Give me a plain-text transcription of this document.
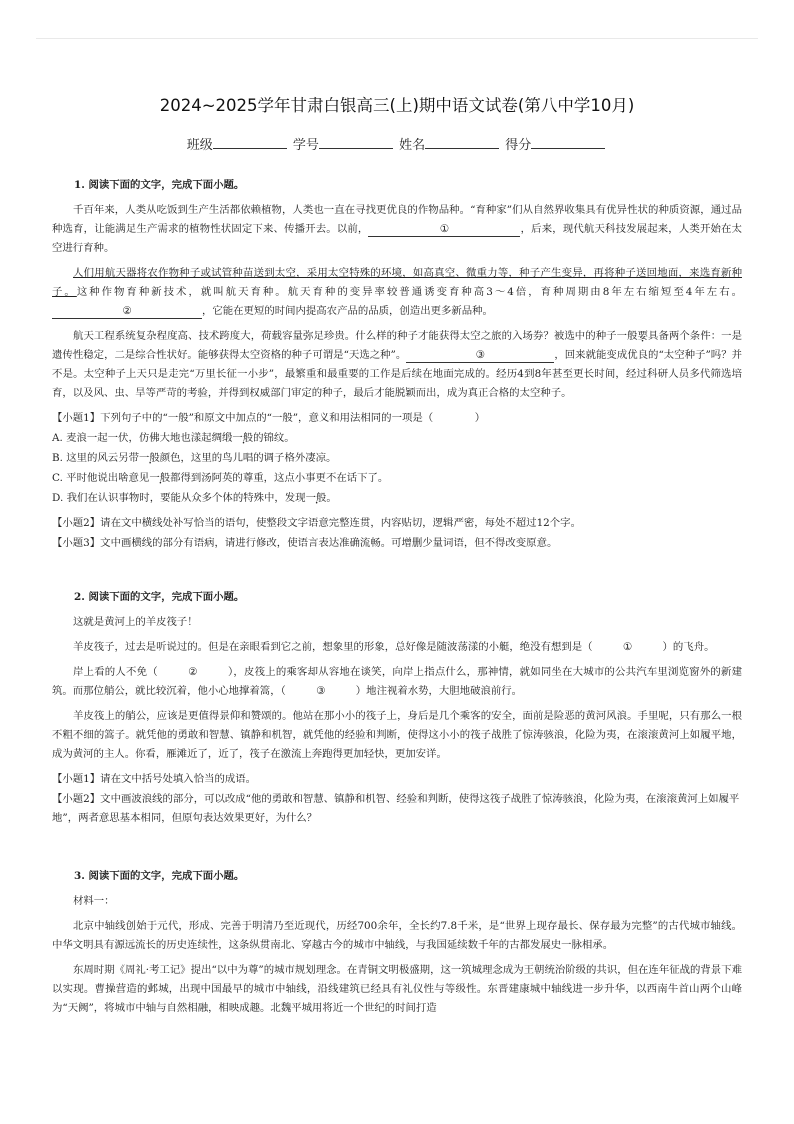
2024~2025学年甘肃白银高三(上)期中语文试卷(第八中学10月)
班级	学号	姓名	得分
1. 阅读下面的文字，完成下面小题。

千百年来，人类从吃饭到生产生活都依赖植物，人类也一直在寻找更优良的作物品种。“育种家”们从自然界收集具有优异性状的种质资源，通过品种选育，让能满足生产需求的植物性状固定下来、传播开去。以前，	①	，后来，现代航天科技发展起来，人类开始在太空进行育种。

人们用航天器将农作物种子或试管种苗送到太空，采用太空特殊的环境，如高真空、微重力等，种子产生变异，再将种子送回地面，来选育新种子。这种作物育种新技术，就叫航天育种。航天育种的变异率较普通诱变育种高3～4倍，育种周期由8年左右缩短至4年左右。②	，它能在更短的时间内提高农产品的品质，创造出更多新品种。

航天工程系统复杂程度高、技术跨度大，荷载容量弥足珍贵。什么样的种子才能获得太空之旅的入场券？被选中的种子一般要具备两个条件：一是遗传性稳定，二是综合性状好。能够获得太空资格的种子可谓是“天选之种”。	③	，回来就能变成优良的“太空种子”吗？并不是。太空种子上天只是走完“万里长征一小步”，最繁重和最重要的工作是后续在地面完成的。经历4到8年甚至更长时间，经过科研人员多代筛选培育，以及风、虫、旱等严苛的考验，并得到权威部门审定的种子，最后才能脱颖而出，成为真正合格的太空种子。

【小题1】下列句子中的“一般”和原文中加点的“一般”，意义和用法相同的一项是（　　　　）
A. 麦浪一起一伏，仿佛大地也漾起绸缎一般的锦纹。
B. 这里的风云另带一般颜色，这里的鸟儿唱的调子格外凄凉。
C. 平时他说出啥意见一般都得到汤阿英的尊重，这点小事更不在话下了。
D. 我们在认识事物时，要能从众多个体的特殊中，发现一般。
【小题2】请在文中横线处补写恰当的语句，使整段文字语意完整连贯，内容贴切，逻辑严密，每处不超过12个字。
【小题3】文中画横线的部分有语病，请进行修改，使语言表达准确流畅。可增删少量词语，但不得改变原意。
2. 阅读下面的文字，完成下面小题。

这就是黄河上的羊皮筏子！

羊皮筏子，过去是听说过的。但是在亲眼看到它之前，想象里的形象，总好像是随波荡漾的小艇，绝没有想到是（	①	）的飞舟。

岸上看的人不免（	②	），皮筏上的乘客却从容地在谈笑，向岸上指点什么，那神情，就如同坐在大城市的公共汽车里浏览窗外的新建筑。而那位艄公，就比较沉着，他小心地撑着篙，（	③	）地注视着水势，大胆地破浪前行。

羊皮筏上的艄公，应该是更值得景仰和赞颂的。他站在那小小的筏子上，身后是几个乘客的安全，面前是险恶的黄河风浪。手里呢，只有那么一根不粗不细的篙子。就凭他的勇敢和智慧、镇静和机智，就凭他的经验和判断，使得这小小的筏子战胜了惊涛骇浪，化险为夷，在滚滚黄河上如履平地，成为黄河的主人。你看，雁滩近了，近了，筏子在激流上奔跑得更加轻快，更加安详。

【小题1】请在文中括号处填入恰当的成语。
【小题2】文中画波浪线的部分，可以改成“他的勇敢和智慧、镇静和机智、经验和判断，使得这筏子战胜了惊涛骇浪，化险为夷，在滚滚黄河上如履平地”，两者意思基本相同，但原句表达效果更好，为什么？
3. 阅读下面的文字，完成下面小题。

材料一：

北京中轴线创始于元代，形成、完善于明清乃至近现代，历经700余年，全长约7.8千米，是“世界上现存最长、保存最为完整”的古代城市轴线。中华文明具有源远流长的历史连续性，这条纵贯南北、穿越古今的城市中轴线，与我国延续数千年的古都发展史一脉相承。

东周时期《周礼·考工记》提出“以中为尊”的城市规划理念。在青铜文明极盛期，这一筑城理念成为王朝统治阶级的共识，但在连年征战的背景下难以实现。曹操营造的邺城，出现中国最早的城市中轴线，沿线建筑已经具有礼仪性与等级性。东晋建康城中轴线进一步升华，以西南牛首山两个山峰为“天阙”，将城市中轴与自然相融，相映成趣。北魏平城用将近一个世纪的时间打造
